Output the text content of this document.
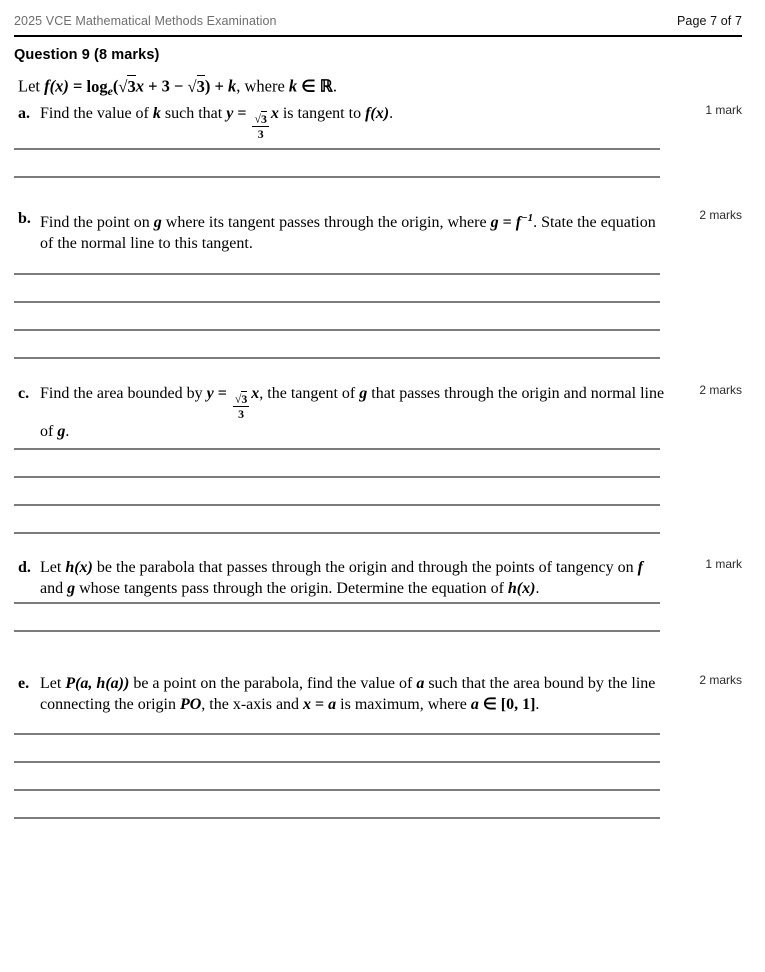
2025 VCE Mathematical Methods Examination	Page 7 of 7
Question 9 (8 marks)
Let f(x) = loge(√3x + 3 − √3) + k, where k ∈ ℝ.
a. Find the value of k such that $y = \frac{√3}{3}$ x is tangent to f(x).	1 mark
b. Find the point on g where its tangent passes through the origin, where $g = f^{-1}$. State the equation of the normal line to this tangent.
2 marks
c. Find the area bounded by $y = \frac{√3}{3} x$, the tangent of g that passes through the origin and normal line of g.
2 marks
d. Let h(x) be the parabola that passes through the origin and through the points of tangency on f and g whose tangents pass through the origin. Determine the equation of h(x).
1 mark
e. Let P(a, h(a)) be a point on the parabola, find the value of a such that the area bound by the line connecting the origin PO, the x-axis and x = a is maximum, where a ∈ [0, 1].
2 marks
